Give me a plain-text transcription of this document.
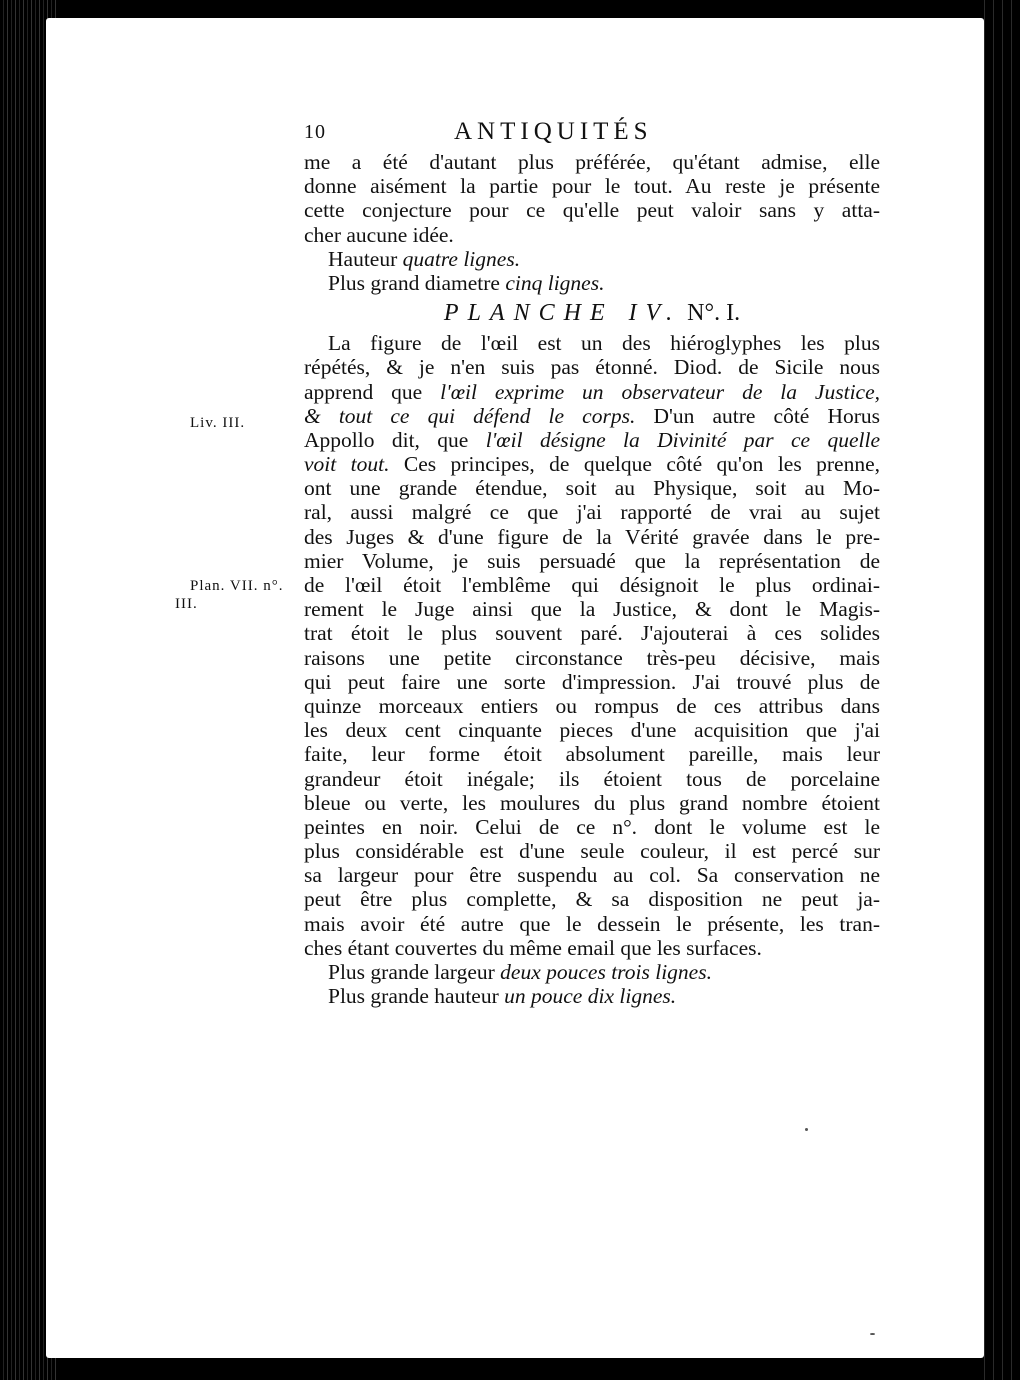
10	ANTIQUITÉS
Liv. III.
Plan. VII. n°.
III.
me a été d'autant plus préférée, qu'étant admise, elle
donne aisément la partie pour le tout. Au reste je présente
cette conjecture pour ce qu'elle peut valoir sans y atta-
cher aucune idée.
Hauteur quatre lignes.
Plus grand diametre cinq lignes.
PLANCHE IV. N°. I.
La figure de l'œil est un des hiéroglyphes les plus
répétés, & je n'en suis pas étonné. Diod. de Sicile nous
apprend que l'œil exprime un observateur de la Justice,
& tout ce qui défend le corps. D'un autre côté Horus
Appollo dit, que l'œil désigne la Divinité par ce quelle
voit tout. Ces principes, de quelque côté qu'on les prenne,
ont une grande étendue, soit au Physique, soit au Mo-
ral, aussi malgré ce que j'ai rapporté de vrai au sujet
des Juges & d'une figure de la Vérité gravée dans le pre-
mier Volume, je suis persuadé que la représentation de
de l'œil étoit l'emblême qui désignoit le plus ordinai-
rement le Juge ainsi que la Justice, & dont le Magis-
trat étoit le plus souvent paré. J'ajouterai à ces solides
raisons une petite circonstance très-peu décisive, mais
qui peut faire une sorte d'impression. J'ai trouvé plus de
quinze morceaux entiers ou rompus de ces attribus dans
les deux cent cinquante pieces d'une acquisition que j'ai
faite, leur forme étoit absolument pareille, mais leur
grandeur étoit inégale; ils étoient tous de porcelaine
bleue ou verte, les moulures du plus grand nombre étoient
peintes en noir. Celui de ce n°. dont le volume est le
plus considérable est d'une seule couleur, il est percé sur
sa largeur pour être suspendu au col. Sa conservation ne
peut être plus complette, & sa disposition ne peut ja-
mais avoir été autre que le dessein le présente, les tran-
ches étant couvertes du même email que les surfaces.
Plus grande largeur deux pouces trois lignes.
Plus grande hauteur un pouce dix lignes.
